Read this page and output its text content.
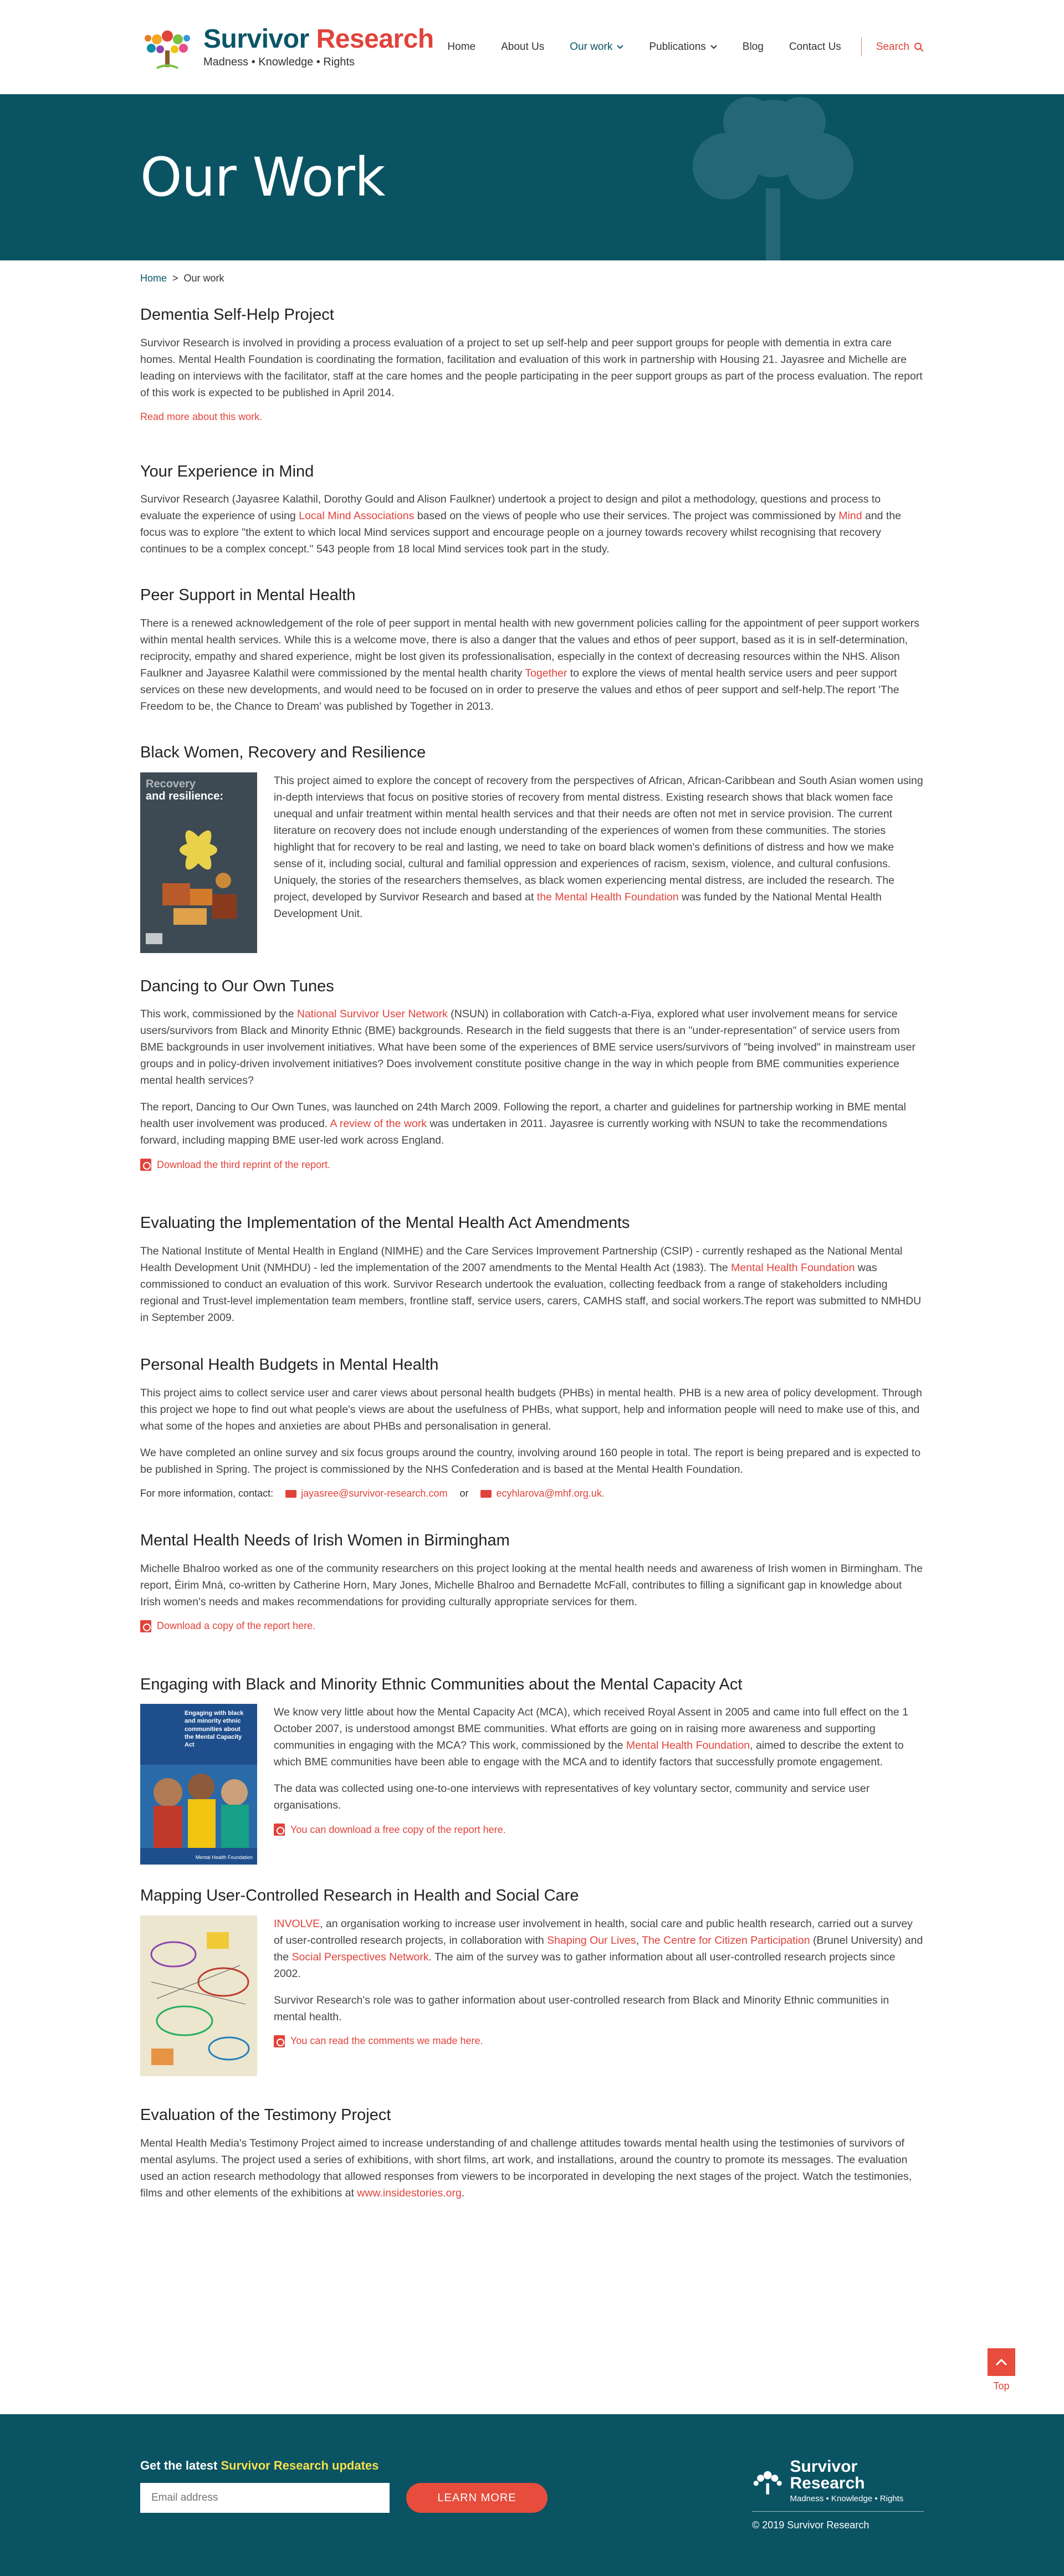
Survivor Research
Madness • Knowledge • Rights
Home About Us Our work	Publications	Blog Contact Us	Search
Our Work
Home > Our work
Dementia Self-Help Project

Survivor Research is involved in providing a process evaluation of a project to set up self-help and peer support groups for people with dementia in extra care homes. Mental Health Foundation is coordinating the formation, facilitation and evaluation of this work in partnership with Housing 21. Jayasree and Michelle are leading on interviews with the facilitator, staff at the care homes and the people participating in the peer support groups as part of the process evaluation. The report of this work is expected to be published in April 2014.

Read more about this work.
Your Experience in Mind

Survivor Research (Jayasree Kalathil, Dorothy Gould and Alison Faulkner) undertook a project to design and pilot a methodology, questions and process to evaluate the experience of using Local Mind Associations based on the views of people who use their services. The project was commissioned by Mind and the focus was to explore "the extent to which local Mind services support and encourage people on a journey towards recovery whilst recognising that recovery continues to be a complex concept." 543 people from 18 local Mind services took part in the study.

Peer Support in Mental Health

There is a renewed acknowledgement of the role of peer support in mental health with new government policies calling for the appointment of peer support workers within mental health services. While this is a welcome move, there is also a danger that the values and ethos of peer support, based as it is in self-determination, reciprocity, empathy and shared experience, might be lost given its professionalisation, especially in the context of decreasing resources within the NHS. Alison Faulkner and Jayasree Kalathil were commissioned by the mental health charity Together to explore the views of mental health service users and peer support services on these new developments, and would need to be focused on in order to preserve the values and ethos of peer support and self-help.The report 'The Freedom to be, the Chance to Dream' was published by Together in 2013.

Black Women, Recovery and Resilience
Recovery
and resilience:

This project aimed to explore the concept of recovery from the perspectives of African, African-Caribbean and South Asian women using in-depth interviews that focus on positive stories of recovery from mental distress. Existing research shows that black women face unequal and unfair treatment within mental health services and that their needs are often not met in service provision. The current literature on recovery does not include enough understanding of the experiences of women from these communities. The stories highlight that for recovery to be real and lasting, we need to take on board black women's definitions of distress and how we make sense of it, including social, cultural and familial oppression and experiences of racism, sexism, violence, and cultural confusions. Uniquely, the stories of the researchers themselves, as black women experiencing mental distress, are included the research. The project, developed by Survivor Research and based at the Mental Health Foundation was funded by the National Mental Health Development Unit.

Dancing to Our Own Tunes

This work, commissioned by the National Survivor User Network (NSUN) in collaboration with Catch-a-Fiya, explored what user involvement means for service users/survivors from Black and Minority Ethnic (BME) backgrounds. Research in the field suggests that there is an "under-representation" of service users from BME backgrounds in user involvement initiatives. What have been some of the experiences of BME service users/survivors of "being involved" in mainstream user groups and in policy-driven involvement initiatives? Does involvement constitute positive change in the way in which people from BME communities experience mental health services?

The report, Dancing to Our Own Tunes, was launched on 24th March 2009. Following the report, a charter and guidelines for partnership working in BME mental health user involvement was produced. A review of the work was undertaken in 2011. Jayasree is currently working with NSUN to take the recommendations forward, including mapping BME user-led work across England.

Download the third reprint of the report.
Evaluating the Implementation of the Mental Health Act Amendments

The National Institute of Mental Health in England (NIMHE) and the Care Services Improvement Partnership (CSIP) - currently reshaped as the National Mental Health Development Unit (NMHDU) - led the implementation of the 2007 amendments to the Mental Health Act (1983). The Mental Health Foundation was commissioned to conduct an evaluation of this work. Survivor Research undertook the evaluation, collecting feedback from a range of stakeholders including regional and Trust-level implementation team members, frontline staff, service users, carers, CAMHS staff, and social workers.The report was submitted to NMHDU in September 2009.

Personal Health Budgets in Mental Health

This project aims to collect service user and carer views about personal health budgets (PHBs) in mental health. PHB is a new area of policy development. Through this project we hope to find out what people's views are about the usefulness of PHBs, what support, help and information people will need to make use of this, and what some of the hopes and anxieties are about PHBs and personalisation in general.

We have completed an online survey and six focus groups around the country, involving around 160 people in total. The report is being prepared and is expected to be published in Spring. The project is commissioned by the NHS Confederation and is based at the Mental Health Foundation.

For more information, contact:	jayasree@survivor-research.com or	ecyhlarova@mhf.org.uk.
Mental Health Needs of Irish Women in Birmingham

Michelle Bhalroo worked as one of the community researchers on this project looking at the mental health needs and awareness of Irish women in Birmingham. The report, Éirim Mná, co-written by Catherine Horn, Mary Jones, Michelle Bhalroo and Bernadette McFall, contributes to filling a significant gap in knowledge about Irish women's needs and makes recommendations for providing culturally appropriate services for them.

Download a copy of the report here.
Engaging with Black and Minority Ethnic Communities about the Mental Capacity Act
Engaging with black and minority ethnic communities about the Mental Capacity Act
Mental Health Foundation

We know very little about how the Mental Capacity Act (MCA), which received Royal Assent in 2005 and came into full effect on the 1 October 2007, is understood amongst BME communities. What efforts are going on in raising more awareness and supporting communities in engaging with the MCA? This work, commissioned by the Mental Health Foundation, aimed to describe the extent to which BME communities have been able to engage with the MCA and to identify factors that successfully promote engagement.

The data was collected using one-to-one interviews with representatives of key voluntary sector, community and service user organisations.

You can download a free copy of the report here.
Mapping User-Controlled Research in Health and Social Care

INVOLVE, an organisation working to increase user involvement in health, social care and public health research, carried out a survey of user-controlled research projects, in collaboration with Shaping Our Lives, The Centre for Citizen Participation (Brunel University) and the Social Perspectives Network. The aim of the survey was to gather information about all user-controlled research projects since 2002.

Survivor Research's role was to gather information about user-controlled research from Black and Minority Ethnic communities in mental health.

You can read the comments we made here.
Evaluation of the Testimony Project

Mental Health Media's Testimony Project aimed to increase understanding of and challenge attitudes towards mental health using the testimonies of survivors of mental asylums. The project used a series of exhibitions, with short films, art work, and installations, around the country to promote its messages. The evaluation used an action research methodology that allowed responses from viewers to be incorporated in developing the next stages of the project. Watch the testimonies, films and other elements of the exhibitions at www.insidestories.org.

Top
Get the latest Survivor Research updates
Email address
LEARN MORE
Survivor Research
Madness • Knowledge • Rights
© 2019 Survivor Research
